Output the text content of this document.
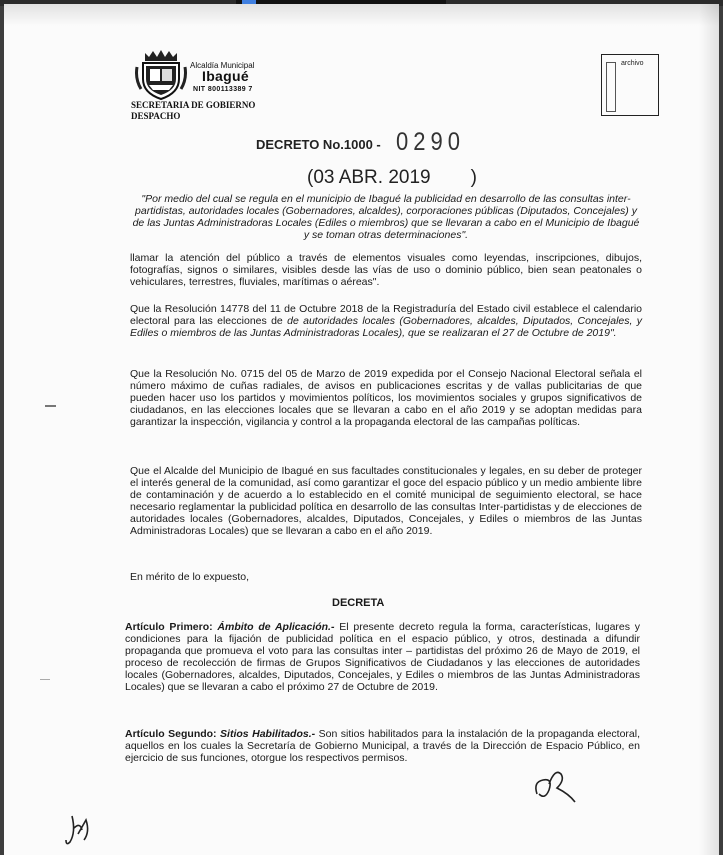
Alcaldía Municipal
Ibagué
NIT 800113389 7
SECRETARIA DE GOBIERNO
DESPACHO
archivo
DECRETO No.1000 - 0290
(03 ABR. 2019 )
"Por medio del cual se regula en el municipio de Ibagué la publicidad en desarrollo de las consultas inter-partidistas, autoridades locales (Gobernadores, alcaldes), corporaciones públicas (Diputados, Concejales) y de las Juntas Administradoras Locales (Ediles o miembros) que se llevaran a cabo en el Municipio de Ibagué y se toman otras determinaciones".
llamar la atención del público a través de elementos visuales como leyendas, inscripciones, dibujos, fotografías, signos o similares, visibles desde las vías de uso o dominio público, bien sean peatonales o vehiculares, terrestres, fluviales, marítimas o aéreas".
Que la Resolución 14778 del 11 de Octubre 2018 de la Registraduría del Estado civil establece el calendario electoral para las elecciones de de autoridades locales (Gobernadores, alcaldes, Diputados, Concejales, y Ediles o miembros de las Juntas Administradoras Locales), que se realizaran el 27 de Octubre de 2019".
Que la Resolución No. 0715 del 05 de Marzo de 2019 expedida por el Consejo Nacional Electoral señala el número máximo de cuñas radiales, de avisos en publicaciones escritas y de vallas publicitarias de que pueden hacer uso los partidos y movimientos políticos, los movimientos sociales y grupos significativos de ciudadanos, en las elecciones locales que se llevaran a cabo en el año 2019 y se adoptan medidas para garantizar la inspección, vigilancia y control a la propaganda electoral de las campañas políticas.
Que el Alcalde del Municipio de Ibagué en sus facultades constitucionales y legales, en su deber de proteger el interés general de la comunidad, así como garantizar el goce del espacio público y un medio ambiente libre de contaminación y de acuerdo a lo establecido en el comité municipal de seguimiento electoral, se hace necesario reglamentar la publicidad política en desarrollo de las consultas Inter-partidistas y de elecciones de autoridades locales (Gobernadores, alcaldes, Diputados, Concejales, y Ediles o miembros de las Juntas Administradoras Locales) que se llevaran a cabo en el año 2019.
En mérito de lo expuesto,
DECRETA
Artículo Primero: Ámbito de Aplicación.- El presente decreto regula la forma, características, lugares y condiciones para la fijación de publicidad política en el espacio público, y otros, destinada a difundir propaganda que promueva el voto para las consultas inter – partidistas del próximo 26 de Mayo de 2019, el proceso de recolección de firmas de Grupos Significativos de Ciudadanos y las elecciones de autoridades locales (Gobernadores, alcaldes, Diputados, Concejales, y Ediles o miembros de las Juntas Administradoras Locales) que se llevaran a cabo el próximo 27 de Octubre de 2019.
Artículo Segundo: Sitios Habilitados.- Son sitios habilitados para la instalación de la propaganda electoral, aquellos en los cuales la Secretaría de Gobierno Municipal, a través de la Dirección de Espacio Público, en ejercicio de sus funciones, otorgue los respectivos permisos.
